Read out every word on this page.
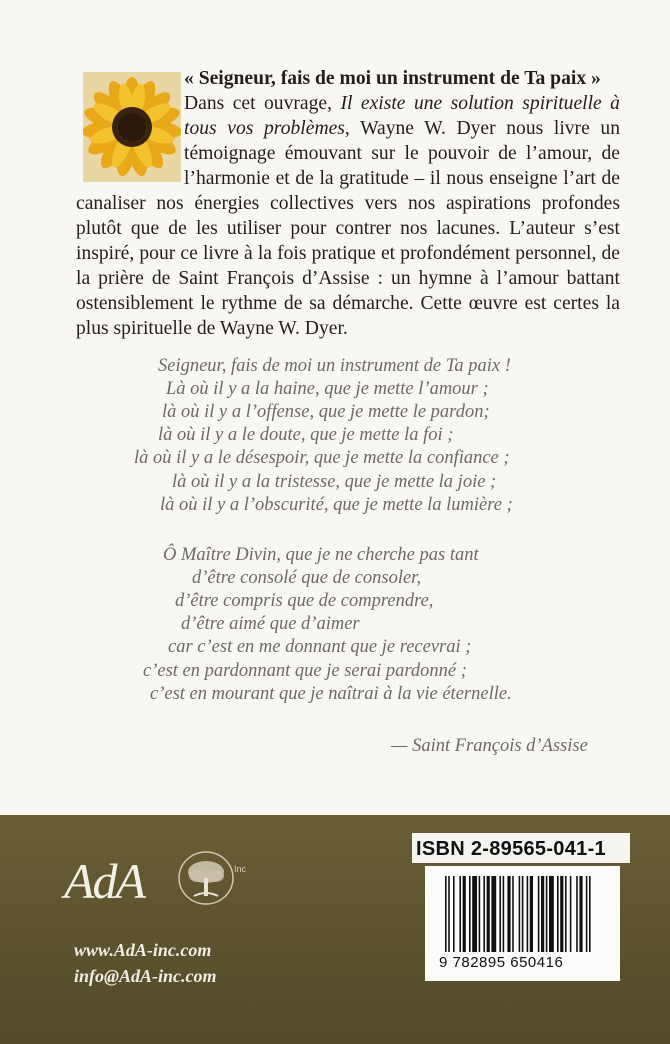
« Seigneur, fais de moi un instrument de Ta paix »
Dans cet ouvrage, Il existe une solution spirituelle à tous vos problèmes, Wayne W. Dyer nous livre un témoignage émouvant sur le pouvoir de l’amour, de l’harmonie et de la gratitude – il nous enseigne l’art de canaliser nos énergies collectives vers nos aspirations profondes plutôt que de les utiliser pour contrer nos lacunes. L’auteur s’est inspiré, pour ce livre à la fois pratique et profondément personnel, de la prière de Saint François d’Assise : un hymne à l’amour battant ostensiblement le rythme de sa démarche. Cette œuvre est certes la plus spirituelle de Wayne W. Dyer.
Seigneur, fais de moi un instrument de Ta paix !
Là où il y a la haine, que je mette l’amour ;
là où il y a l’offense, que je mette le pardon;
là où il y a le doute, que je mette la foi ;
là où il y a le désespoir, que je mette la confiance ;
là où il y a la tristesse, que je mette la joie ;
là où il y a l’obscurité, que je mette la lumière ;
Ô Maître Divin, que je ne cherche pas tant
d’être consolé que de consoler,
d’être compris que de comprendre,
d’être aimé que d’aimer
car c’est en me donnant que je recevrai ;
c’est en pardonnant que je serai pardonné ;
c’est en mourant que je naîtrai à la vie éternelle.
— Saint François d’Assise
AdA	Inc
www.AdA-inc.com
info@AdA-inc.com
ISBN 2-89565-041-1
9 782895 650416
